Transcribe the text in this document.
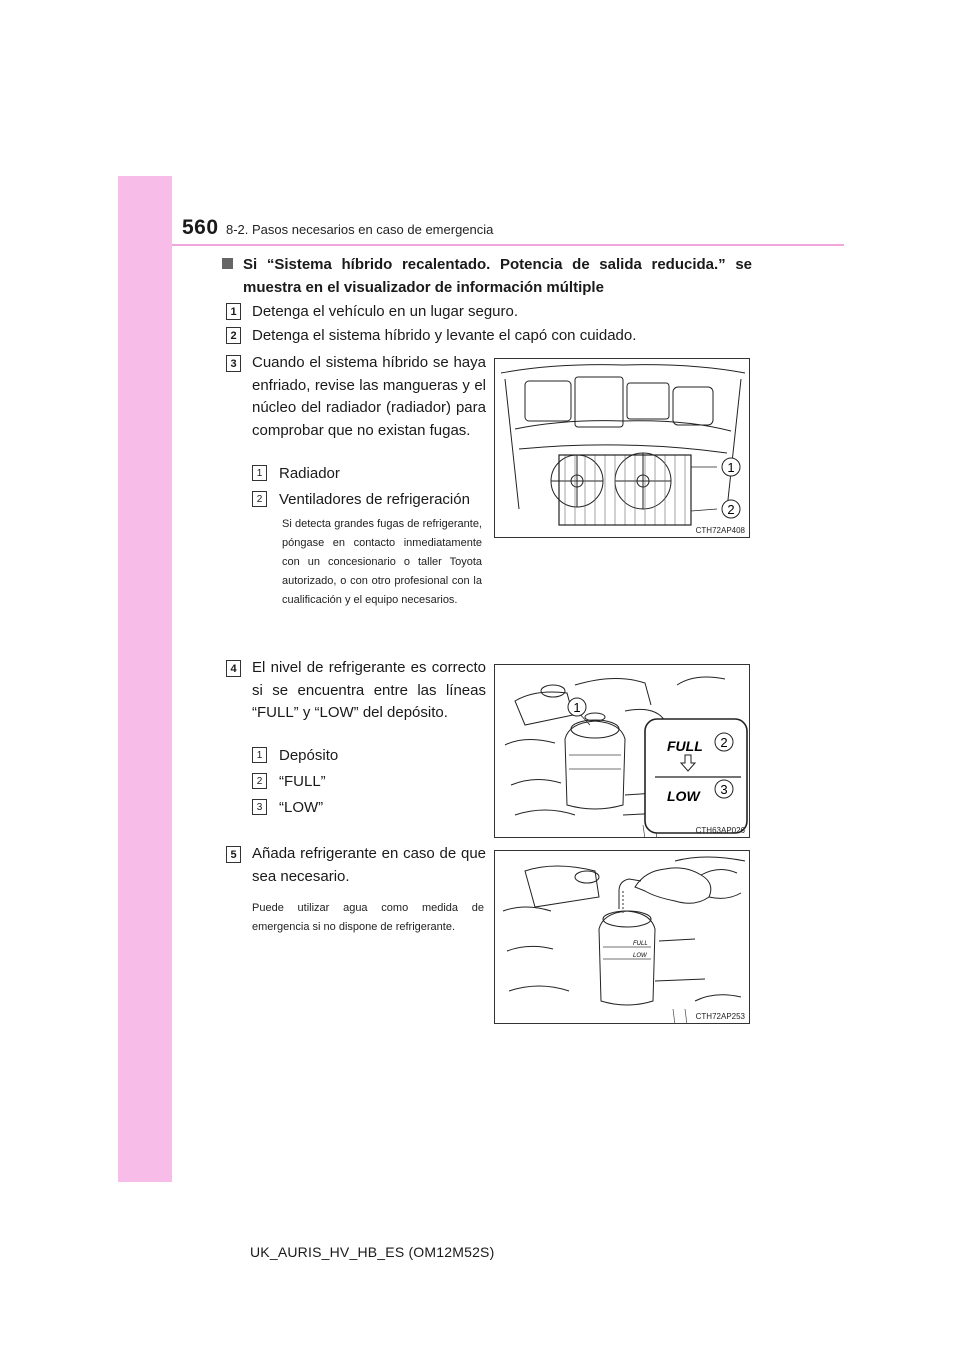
560 8-2. Pasos necesarios en caso de emergencia
Si “Sistema híbrido recalentado. Potencia de salida reducida.” se muestra en el visualizador de información múltiple
1 Detenga el vehículo en un lugar seguro.
2 Detenga el sistema híbrido y levante el capó con cuidado.
3 Cuando el sistema híbrido se haya enfriado, revise las mangueras y el núcleo del radiador (radiador) para comprobar que no existan fugas.
1	Radiador
2	Ventiladores de refrigeración
Si detecta grandes fugas de refrigerante, póngase en contacto inmediatamente con un concesionario o taller Toyota autorizado, o con otro profesional con la cualificación y el equipo necesarios.
1
2
CTH72AP408
4 El nivel de refrigerante es correcto si se encuentra entre las líneas “FULL” y “LOW” del depósito.
1	Depósito
2	“FULL”
3	“LOW”
1
FULL
LOW
2
3
CTH63AP026
5 Añada refrigerante en caso de que sea necesario.
Puede utilizar agua como medida de emergencia si no dispone de refrigerante.
FULL
LOW
CTH72AP253
UK_AURIS_HV_HB_ES (OM12M52S)
